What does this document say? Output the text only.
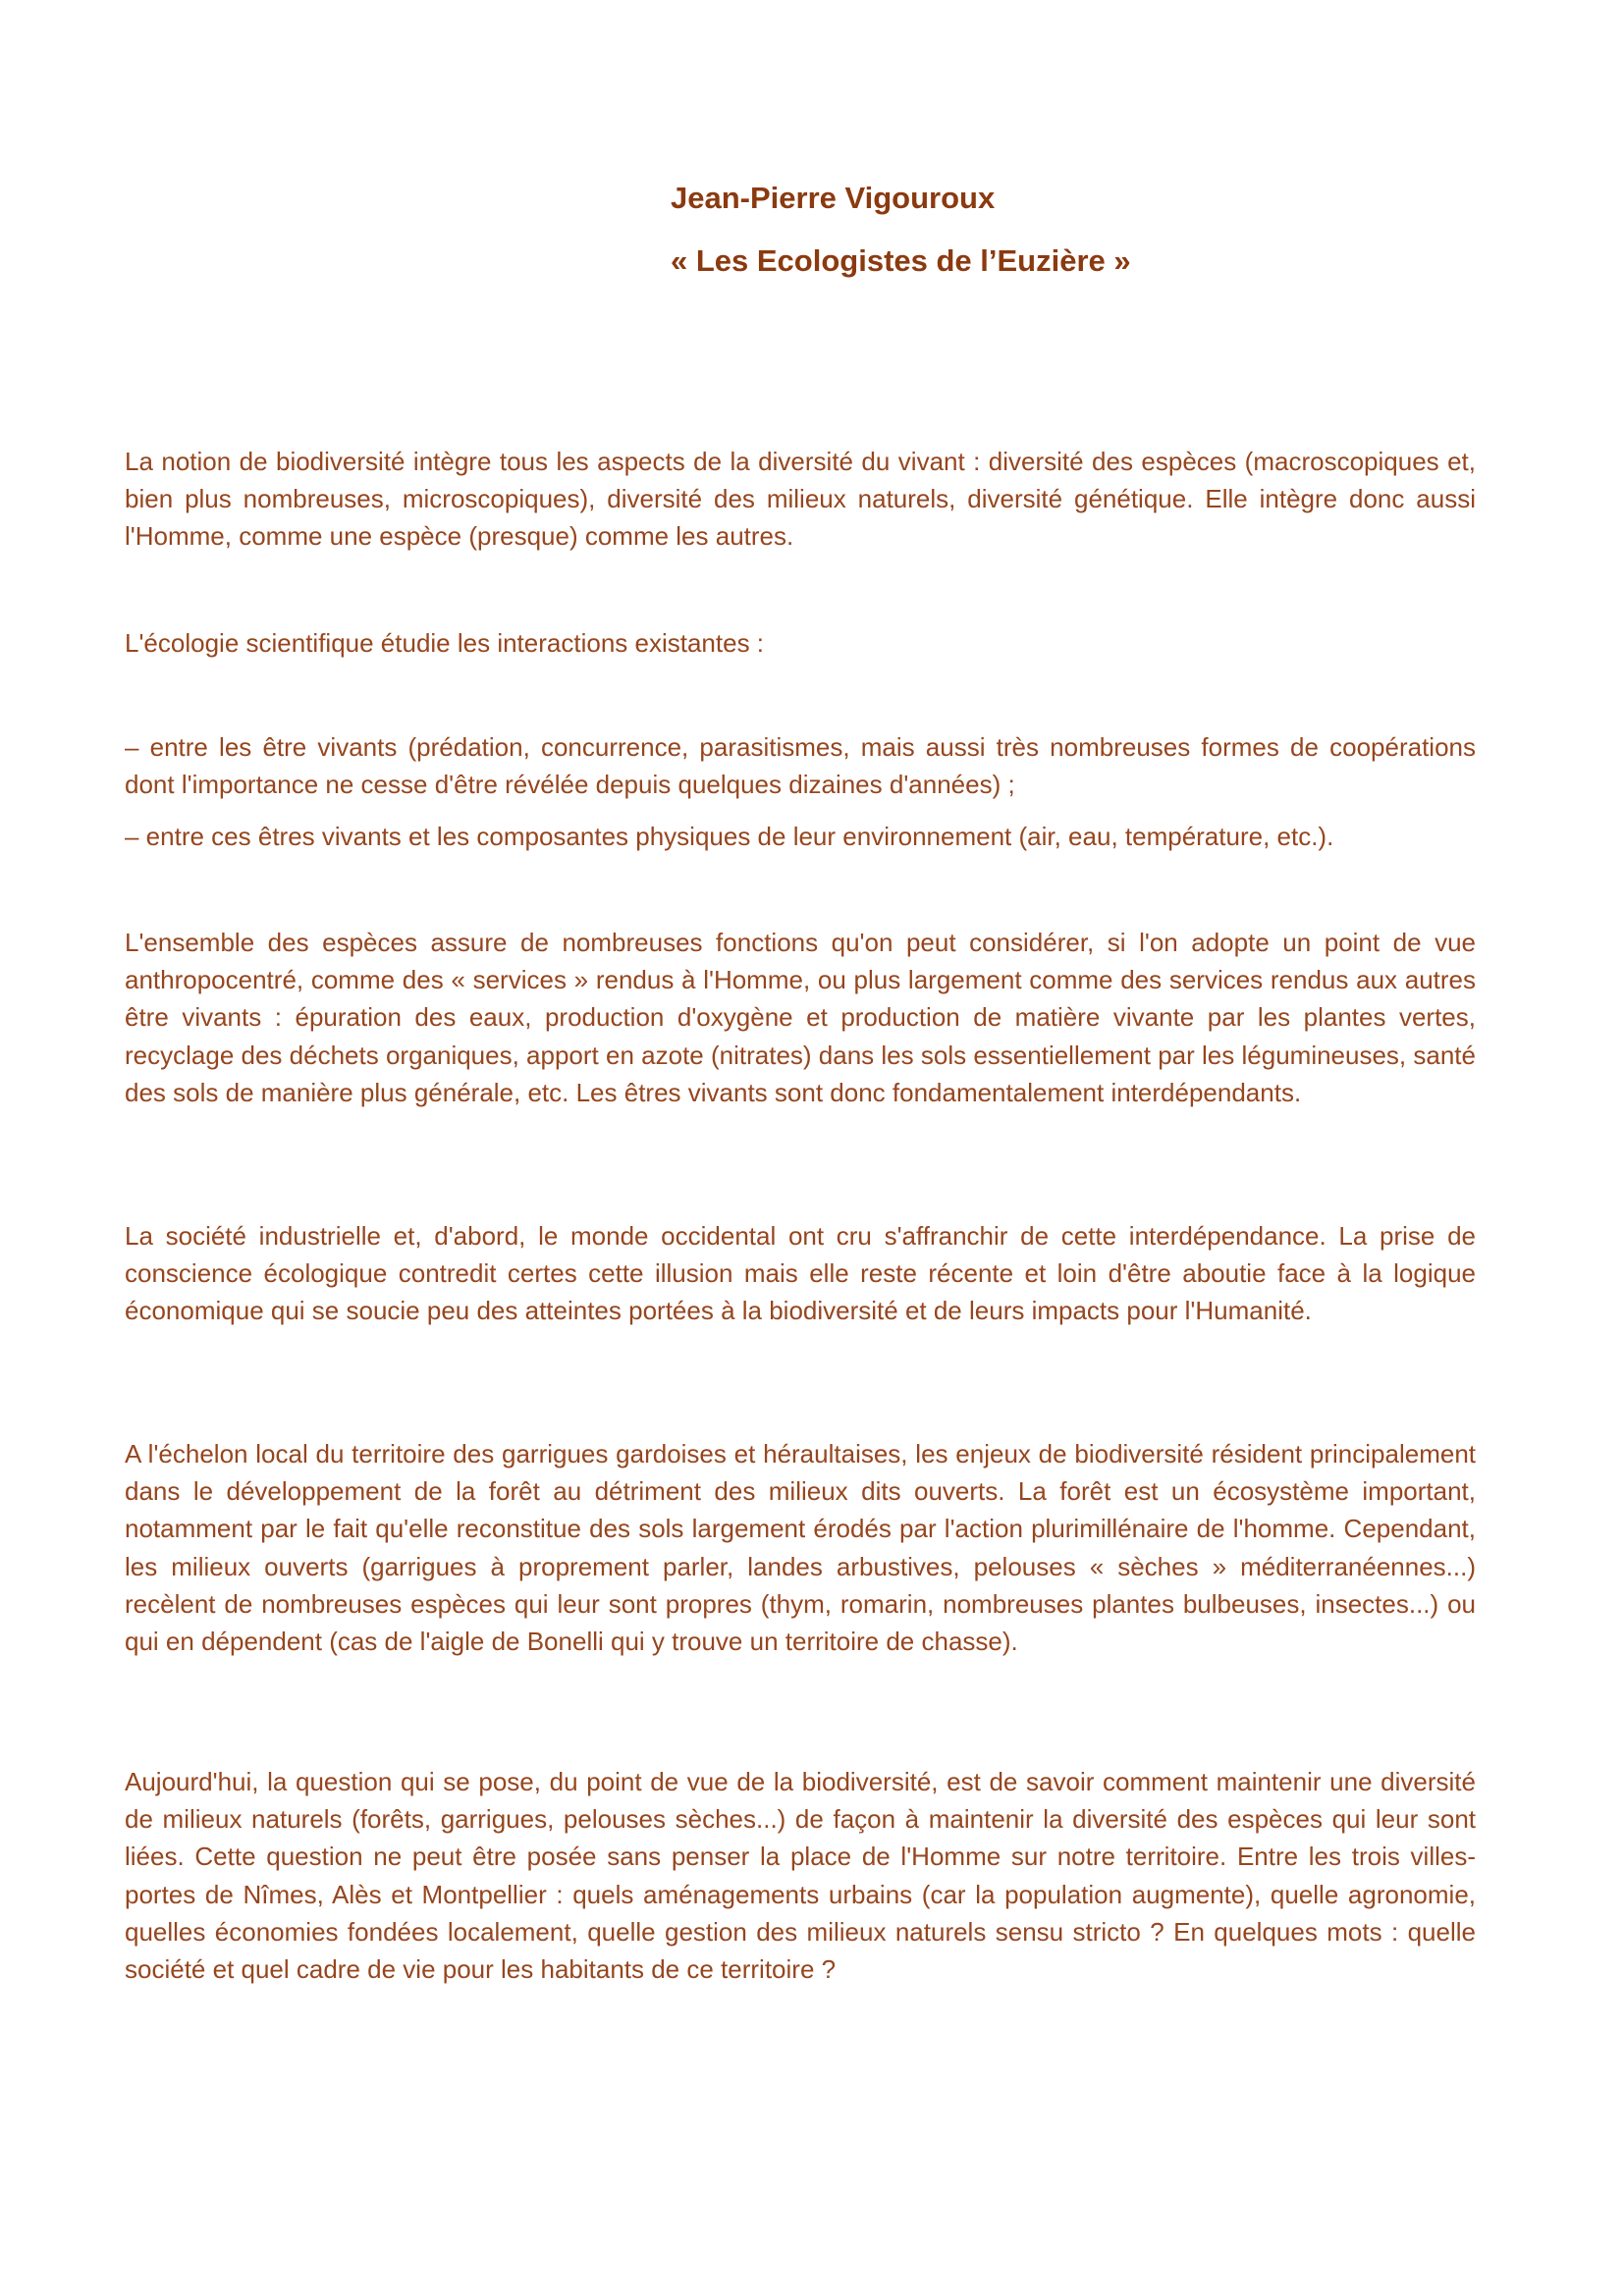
Jean-Pierre Vigouroux
« Les Ecologistes de l’Euzière »

La notion de biodiversité intègre tous les aspects de la diversité du vivant : diversité des espèces (macroscopiques et, bien plus nombreuses, microscopiques), diversité des milieux naturels, diversité génétique. Elle intègre donc aussi l'Homme, comme une espèce (presque) comme les autres.

L'écologie scientifique étudie les interactions existantes :

– entre les être vivants (prédation, concurrence, parasitismes, mais aussi très nombreuses formes de coopérations dont l'importance ne cesse d'être révélée depuis quelques dizaines d'années) ;

– entre ces êtres vivants et les composantes physiques de leur environnement (air, eau, température, etc.).

L'ensemble des espèces assure de nombreuses fonctions qu'on peut considérer, si l'on adopte un point de vue anthropocentré, comme des « services » rendus à l'Homme, ou plus largement comme des services rendus aux autres être vivants : épuration des eaux, production d'oxygène et production de matière vivante par les plantes vertes, recyclage des déchets organiques, apport en azote (nitrates) dans les sols essentiellement par les légumineuses, santé des sols de manière plus générale, etc. Les êtres vivants sont donc fondamentalement interdépendants.

La société industrielle et, d'abord, le monde occidental ont cru s'affranchir de cette interdépendance. La prise de conscience écologique contredit certes cette illusion mais elle reste récente et loin d'être aboutie face à la logique économique qui se soucie peu des atteintes portées à la biodiversité et de leurs impacts pour l'Humanité.

A l'échelon local du territoire des garrigues gardoises et héraultaises, les enjeux de biodiversité résident principalement dans le développement de la forêt au détriment des milieux dits ouverts. La forêt est un écosystème important, notamment par le fait qu'elle reconstitue des sols largement érodés par l'action plurimillénaire de l'homme. Cependant, les milieux ouverts (garrigues à proprement parler, landes arbustives, pelouses « sèches » méditerranéennes...) recèlent de nombreuses espèces qui leur sont propres (thym, romarin, nombreuses plantes bulbeuses, insectes...) ou qui en dépendent (cas de l'aigle de Bonelli qui y trouve un territoire de chasse).

Aujourd'hui, la question qui se pose, du point de vue de la biodiversité, est de savoir comment maintenir une diversité de milieux naturels (forêts, garrigues, pelouses sèches...) de façon à maintenir la diversité des espèces qui leur sont liées. Cette question ne peut être posée sans penser la place de l'Homme sur notre territoire. Entre les trois villes-portes de Nîmes, Alès et Montpellier : quels aménagements urbains (car la population augmente), quelle agronomie, quelles économies fondées localement, quelle gestion des milieux naturels sensu stricto ? En quelques mots : quelle société et quel cadre de vie pour les habitants de ce territoire ?
